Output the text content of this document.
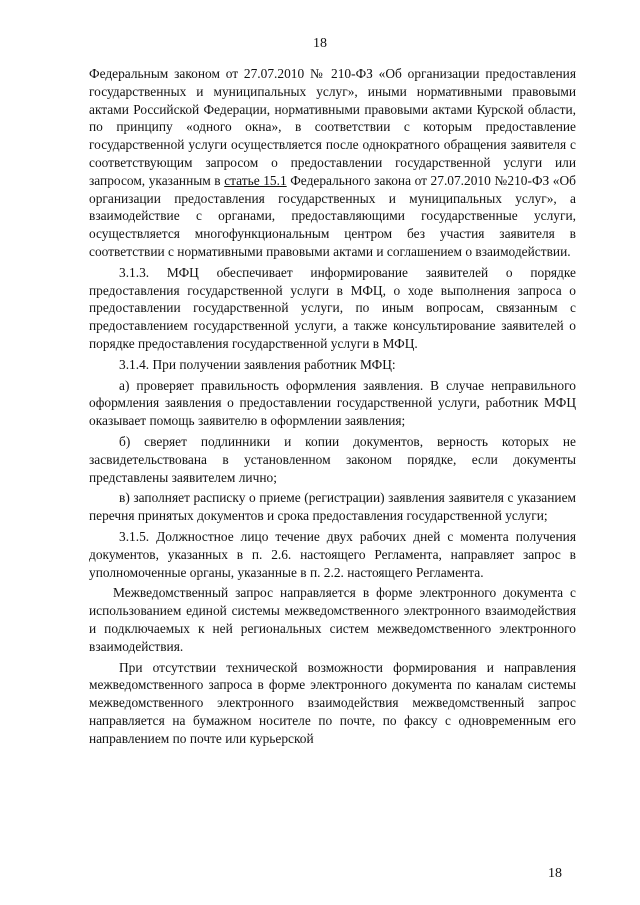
18

Федеральным законом от 27.07.2010 № 210-ФЗ «Об организации предоставления государственных и муниципальных услуг», иными нормативными правовыми актами Российской Федерации, нормативными правовыми актами Курской области, по принципу «одного окна», в соответствии с которым предоставление государственной услуги осуществляется после однократного обращения заявителя с соответствующим запросом о предоставлении государственной услуги или запросом, указанным в статье 15.1 Федерального закона от 27.07.2010 №210-ФЗ «Об организации предоставления государственных и муниципальных услуг», а взаимодействие с органами, предоставляющими государственные услуги, осуществляется многофункциональным центром без участия заявителя в соответствии с нормативными правовыми актами и соглашением о взаимодействии.

3.1.3. МФЦ обеспечивает информирование заявителей о порядке предоставления государственной услуги в МФЦ, о ходе выполнения запроса о предоставлении государственной услуги, по иным вопросам, связанным с предоставлением государственной услуги, а также консультирование заявителей о порядке предоставления государственной услуги в МФЦ.

3.1.4. При получении заявления работник МФЦ:

а) проверяет правильность оформления заявления. В случае неправильного оформления заявления о предоставлении государственной услуги, работник МФЦ оказывает помощь заявителю в оформлении заявления;

б) сверяет подлинники и копии документов, верность которых не засвидетельствована в установленном законом порядке, если документы представлены заявителем лично;

в) заполняет расписку о приеме (регистрации) заявления заявителя с указанием перечня принятых документов и срока предоставления государственной услуги;

3.1.5. Должностное лицо течение двух рабочих дней с момента получения документов, указанных в п. 2.6. настоящего Регламента, направляет запрос в уполномоченные органы, указанные в п. 2.2. настоящего Регламента.

Межведомственный запрос направляется в форме электронного документа с использованием единой системы межведомственного электронного взаимодействия и подключаемых к ней региональных систем межведомственного электронного взаимодействия.

При отсутствии технической возможности формирования и направления межведомственного запроса в форме электронного документа по каналам системы межведомственного электронного взаимодействия межведомственный запрос направляется на бумажном носителе по почте, по факсу с одновременным его направлением по почте или курьерской

18
